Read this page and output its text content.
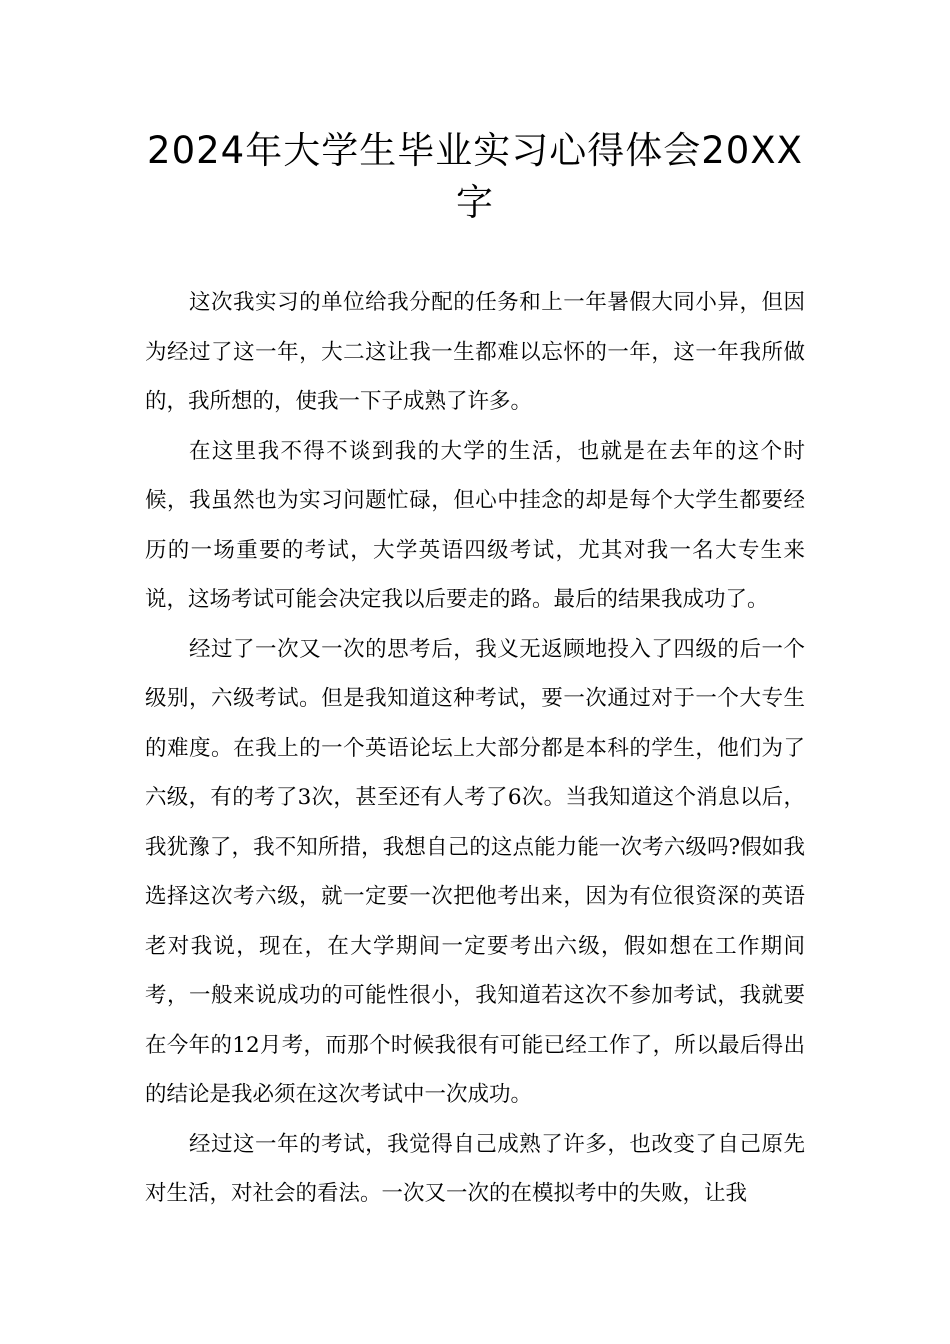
2024年大学生毕业实习心得体会20XX字

这次我实习的单位给我分配的任务和上一年暑假大同小异，但因为经过了这一年，大二这让我一生都难以忘怀的一年，这一年我所做的，我所想的，使我一下子成熟了许多。

在这里我不得不谈到我的大学的生活，也就是在去年的这个时候，我虽然也为实习问题忙碌，但心中挂念的却是每个大学生都要经历的一场重要的考试，大学英语四级考试，尤其对我一名大专生来说，这场考试可能会决定我以后要走的路。最后的结果我成功了。

经过了一次又一次的思考后，我义无返顾地投入了四级的后一个级别，六级考试。但是我知道这种考试，要一次通过对于一个大专生的难度。在我上的一个英语论坛上大部分都是本科的学生，他们为了六级，有的考了3次，甚至还有人考了6次。当我知道这个消息以后，我犹豫了，我不知所措，我想自己的这点能力能一次考六级吗?假如我选择这次考六级，就一定要一次把他考出来，因为有位很资深的英语老对我说，现在，在大学期间一定要考出六级，假如想在工作期间考，一般来说成功的可能性很小，我知道若这次不参加考试，我就要在今年的12月考，而那个时候我很有可能已经工作了，所以最后得出的结论是我必须在这次考试中一次成功。

经过这一年的考试，我觉得自己成熟了许多，也改变了自己原先对生活，对社会的看法。一次又一次的在模拟考中的失败，让我
